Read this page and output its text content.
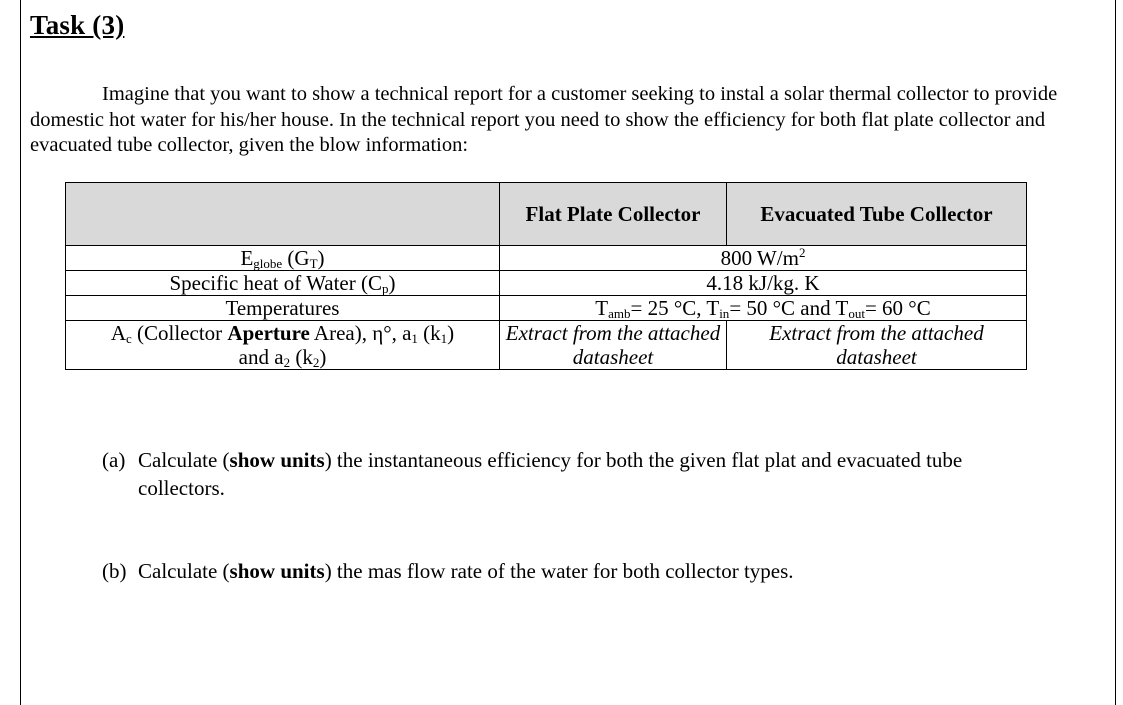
Task (3)

Imagine that you want to show a technical report for a customer seeking to instal a solar thermal collector to provide domestic hot water for his/her house. In the technical report you need to show the efficiency for both flat plate collector and evacuated tube collector, given the blow information:

	Flat Plate Collector	Evacuated Tube Collector
$E_{globe}$ $(G_T)$	800 $W/m^2$
Specific heat of Water $(C_p)$	4.18 kJ/kg. K	
Temperatures	$T_{amb}= 25$ °C, $T_{in}= 50$ °C and $T_{out}= 60$ °C	
$A_c$ (Collector Aperture Area), η°, $a_1$ $(k_1)$
and $a_2$ $(k_2)$	Extract from the attached datasheet	Extract from the attached datasheet
(a) Calculate (show units) the instantaneous efficiency for both the given flat plat and evacuated tube
collectors.
(b) Calculate (show units) the mas flow rate of the water for both collector types.
